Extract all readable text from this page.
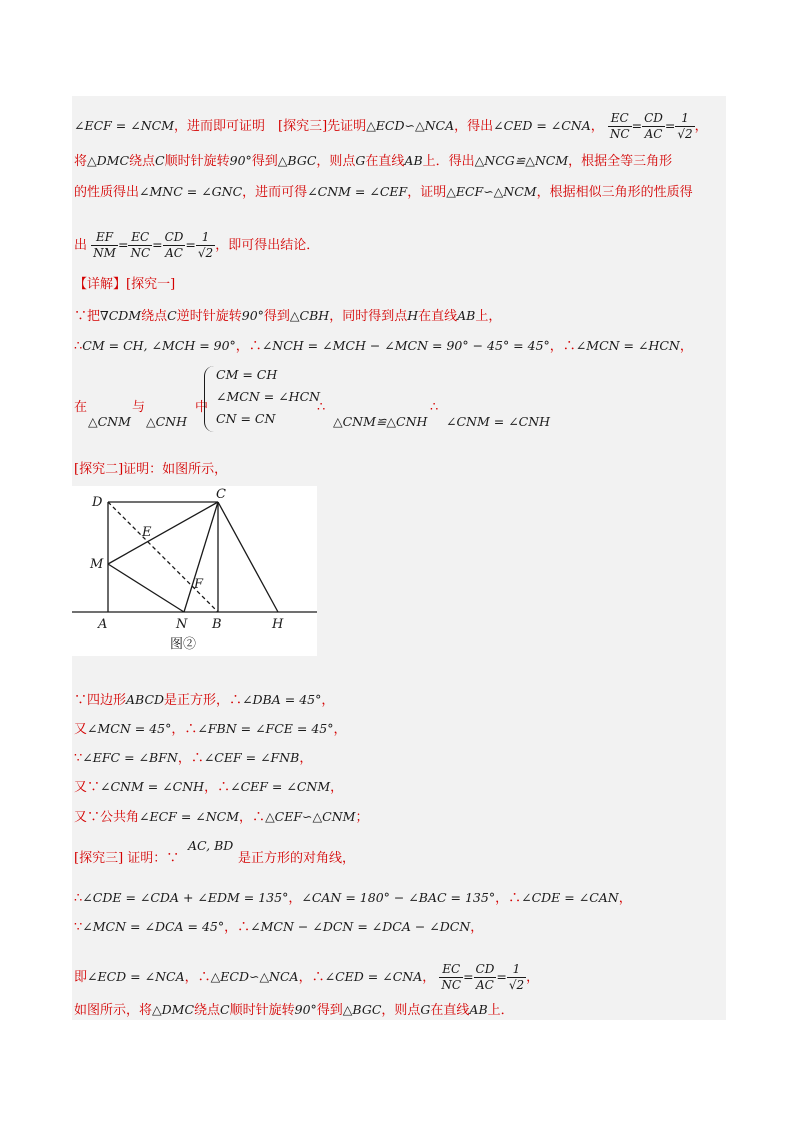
∠ECF = ∠NCM，进而即可证明　[探究三]先证明△ECD∽△NCA，得出∠CED = ∠CNA， $\frac{EC}{NC} = \frac{CD}{AC} = \frac{1}{√2}$ ，
将△DMC绕点C顺时针旋转90°得到△BGC，则点G在直线AB上．得出△NCG≌△NCM，根据全等三角形
的性质得出∠MNC = ∠GNC，进而可得∠CNM = ∠CEF，证明△ECF∽△NCM，根据相似三角形的性质得
出 $\frac{EF}{NM} = \frac{EC}{NC} = \frac{CD}{AC} = \frac{1}{√2}$ ，即可得出结论．
【详解】[探究一]
∵把∇CDM绕点C逆时针旋转90°得到△CBH，同时得到点H在直线AB上，
∴CM = CH, ∠MCH = 90°，∴∠NCH = ∠MCH − ∠MCN = 90° − 45° = 45°，∴∠MCN = ∠HCN，
在
△CNM
与
△CNH
中
CM = CH
∠MCN = ∠HCN
CN = CN
∴
△CNM≌△CNH
∴
∠CNM = ∠CNH
[探究二]证明：如图所示，
D
C
E
M
F
A	N B	H
图②
∵四边形ABCD是正方形，∴∠DBA = 45°，
又∠MCN = 45°，∴∠FBN = ∠FCE = 45°，
∵∠EFC = ∠BFN，∴∠CEF = ∠FNB，
又∵∠CNM = ∠CNH，∴∠CEF = ∠CNM，
又∵公共角∠ECF = ∠NCM，∴△CEF∽△CNM；
[探究三] 证明：∵
AC, BD
是正方形的对角线，
∴∠CDE = ∠CDA + ∠EDM = 135°，∠CAN = 180° − ∠BAC = 135°，∴∠CDE = ∠CAN，
∵∠MCN = ∠DCA = 45°，∴∠MCN − ∠DCN = ∠DCA − ∠DCN，
即∠ECD = ∠NCA，∴△ECD∽△NCA，∴∠CED = ∠CNA， $\frac{EC}{NC} = \frac{CD}{AC} = \frac{1}{√2}$ ，
如图所示，将△DMC绕点C顺时针旋转90°得到△BGC，则点G在直线AB上．
